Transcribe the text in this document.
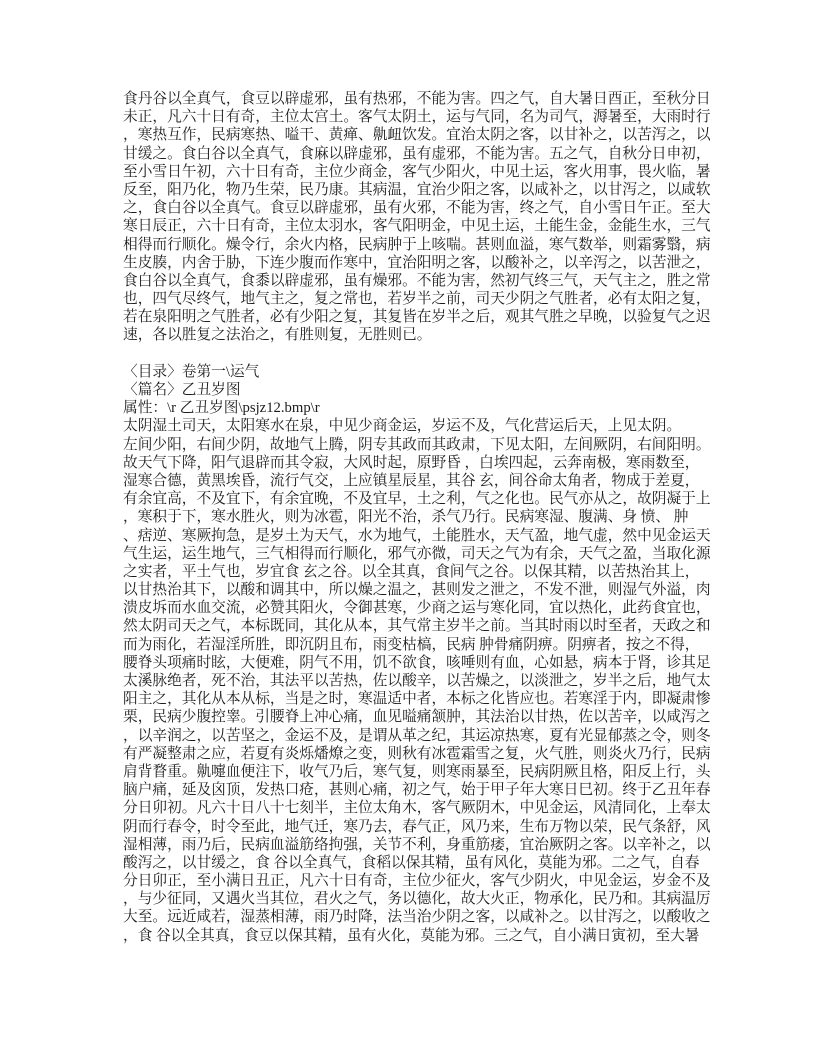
食丹谷以全真气，食豆以辟虚邪，虽有热邪，不能为害。四之气，自大暑日酉正，至秋分日
未正，凡六十日有奇，主位太宫土。客气太阴土，运与气同，名为司气，溽暑至，大雨时行
，寒热互作，民病寒热、嗌干、黄瘅、鼽衄饮发。宜治太阴之客，以甘补之，以苦泻之，以
甘缓之。食白谷以全真气，食麻以辟虚邪，虽有虚邪，不能为害。五之气，自秋分日申初，
至小雪日午初，六十日有奇，主位少商金，客气少阳火，中见土运，客火用事，畏火临，暑
反至，阳乃化，物乃生荣，民乃康。其病温，宜治少阳之客，以咸补之，以甘泻之，以咸软
之，食白谷以全真气。食豆以辟虚邪，虽有火邪，不能为害，终之气，自小雪日午正。至大
寒日辰正，六十日有奇，主位太羽水，客气阳明金，中见土运，土能生金，金能生水，三气
相得而行顺化。燥令行，余火内格，民病肿于上咳喘。甚则血溢，寒气数举，则霜雾翳，病
生皮腠，内舍于胁，下连少腹而作寒中，宜治阳明之客，以酸补之，以辛泻之，以苦泄之，
食白谷以全真气，食黍以辟虚邪，虽有燥邪。不能为害，然初气终三气，天气主之，胜之常
也，四气尽终气，地气主之，复之常也，若岁半之前，司天少阴之气胜者，必有太阳之复，
若在泉阳明之气胜者，必有少阳之复，其复皆在岁半之后，观其气胜之早晚，以验复气之迟
速，各以胜复之法治之，有胜则复，无胜则已。
〈目录〉卷第一\运气
〈篇名〉乙丑岁图
属性：\r 乙丑岁图\psjz12.bmp\r
太阴湿土司天，太阳寒水在泉，中见少商金运，岁运不及，气化营运后天，上见太阴。
左间少阳，右间少阴，故地气上腾，阴专其政而其政肃，下见太阳，左间厥阴，右间阳明。
故天气下降，阳气退辟而其令寂，大风时起，原野昏 ，白埃四起，云奔南极，寒雨数至，
湿寒合德，黄黑埃昏，流行气交，上应镇星辰星，其谷 玄，间谷命太角者，物成于差夏，
有余宜高，不及宜下，有余宜晚，不及宜早，土之利，气之化也。民气亦从之，故阴凝于上
，寒积于下，寒水胜火，则为冰雹，阳光不治，杀气乃行。民病寒湿、腹满、身 愤、 肿
、痞逆、寒厥拘急，是岁土为天气，水为地气，土能胜水，天气盈，地气虚，然中见金运天
气生运，运生地气，三气相得而行顺化，邪气亦微，司天之气为有余，天气之盈，当取化源
之实者，平土气也，岁宜食 玄之谷。以全其真，食间气之谷。以保其精，以苦热治其上，
以甘热治其下，以酸和调其中，所以燥之温之，甚则发之泄之，不发不泄，则湿气外溢，肉
溃皮坼而水血交流，必赞其阳火，令御甚寒，少商之运与寒化同，宜以热化，此药食宜也，
然太阴司天之气，本标既同，其化从本，其气常主岁半之前。当其时雨以时至者，天政之和
而为雨化，若湿淫所胜，即沉阴且布，雨变枯槁，民病 肿骨痛阴痹。阴痹者，按之不得，
腰脊头项痛时眩，大便难，阴气不用，饥不欲食，咳唾则有血，心如悬，病本于肾，诊其足
太溪脉绝者，死不治，其法平以苦热，佐以酸辛，以苦燥之，以淡泄之，岁半之后，地气太
阳主之，其化从本从标，当是之时，寒温适中者，本标之化皆应也。若寒淫于内，即凝肃惨
栗，民病少腹控睾。引腰脊上冲心痛，血见嗌痛颔肿，其法治以甘热，佐以苦辛，以咸泻之
，以辛润之，以苦坚之，金运不及，是谓从革之纪，其运凉热寒，夏有光显郁蒸之令，则冬
有严凝整肃之应，若夏有炎烁燔燎之变，则秋有冰雹霜雪之复，火气胜，则炎火乃行，民病
肩背瞀重。鼽嚏血便注下，收气乃后，寒气复，则寒雨暴至，民病阴厥且格，阳反上行，头
脑户痛，延及囟顶，发热口疮，甚则心痛，初之气，始于甲子年大寒日巳初。终于乙丑年春
分日卯初。凡六十日八十七刻半，主位太角木，客气厥阴木，中见金运，风清同化，上奉太
阴而行春令，时令至此，地气迁，寒乃去，春气正，风乃来，生布万物以荣，民气条舒，风
湿相薄，雨乃后，民病血溢筋络拘强，关节不利，身重筋痿，宜治厥阴之客。以辛补之，以
酸泻之，以甘缓之，食 谷以全真气，食稻以保其精，虽有风化，莫能为邪。二之气，自春
分日卯正，至小满日丑正，凡六十日有奇，主位少征火，客气少阴火，中见金运，岁金不及
，与少征同，又遇火当其位，君火之气，务以德化，故大火正，物承化，民乃和。其病温厉
大至。远近咸若，湿蒸相薄，雨乃时降，法当治少阴之客，以咸补之。以甘泻之，以酸收之
，食 谷以全其真，食豆以保其精，虽有火化，莫能为邪。三之气，自小满日寅初，至大暑
